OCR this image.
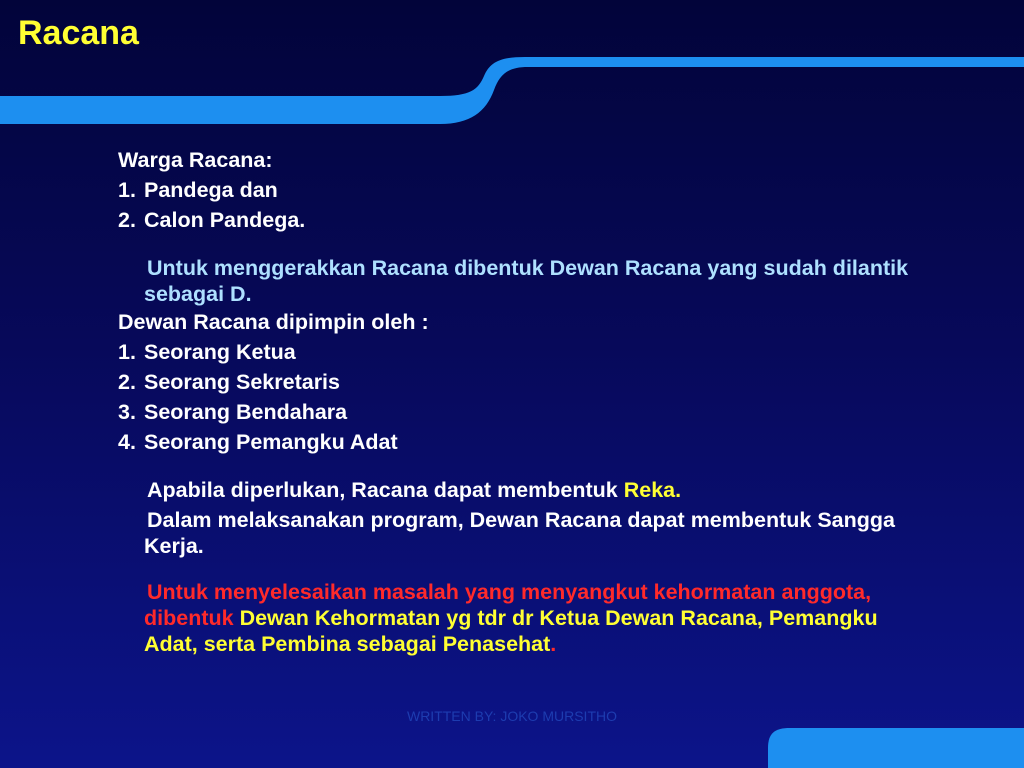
Racana
Warga Racana:
1. Pandega dan
2. Calon Pandega.
Untuk menggerakkan Racana dibentuk Dewan Racana yang sudah dilantik sebagai D.
Dewan Racana dipimpin oleh :
1. Seorang Ketua
2. Seorang Sekretaris
3. Seorang Bendahara
4. Seorang Pemangku Adat
Apabila diperlukan, Racana dapat membentuk Reka.
Dalam melaksanakan program, Dewan Racana dapat membentuk Sangga Kerja.
Untuk menyelesaikan masalah yang menyangkut kehormatan anggota, dibentuk Dewan Kehormatan yg tdr dr Ketua Dewan Racana, Pemangku Adat, serta Pembina sebagai Penasehat.
WRITTEN BY: JOKO MURSITHO
